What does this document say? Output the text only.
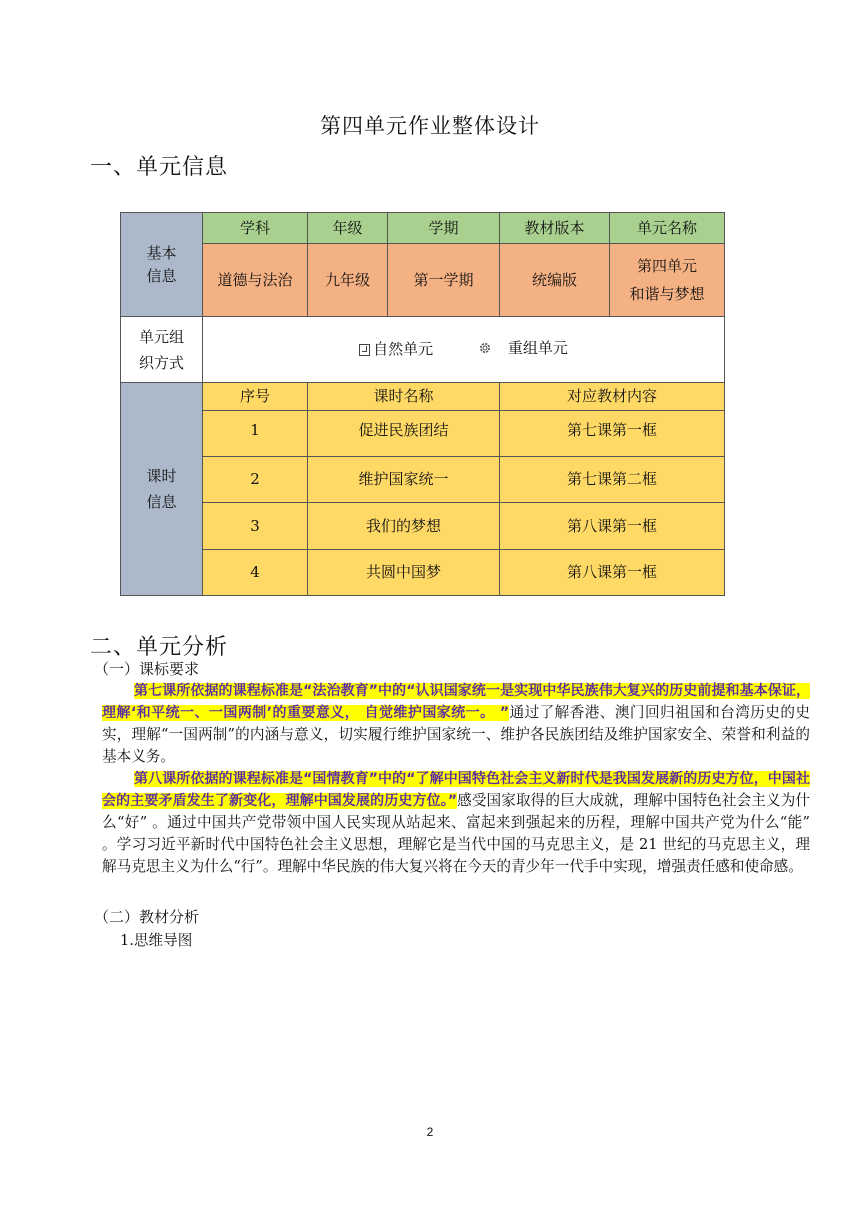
第四单元作业整体设计
一、单元信息
基本
信息	学科	年级	学期	教材版本	单元名称
	道德与法治	九年级	第一学期	统编版	第四单元
和谐与梦想
单元组
织方式	自然单元
重组单元				

课时
信息	序号	课时名称		对应教材内容	
	1	促进民族团结		第七课第一框	
	2	维护国家统一		第七课第二框	
	3	我们的梦想		第八课第一框	
	4	共圆中国梦		第八课第一框	
二、单元分析
（一）课标要求
第七课所依据的课程标准是“法治教育”中的“认识国家统一是实现中华民族伟大复兴的历史前提和基本保证，理解‘和平统一、一国两制’的重要意义， 自觉维护国家统一。 ”通过了解香港、澳门回归祖国和台湾历史的史实，理解“一国两制”的内涵与意义，切实履行维护国家统一、维护各民族团结及维护国家安全、荣誉和利益的基本义务。
第八课所依据的课程标准是“国情教育”中的“了解中国特色社会主义新时代是我国发展新的历史方位，中国社会的主要矛盾发生了新变化，理解中国发展的历史方位。”感受国家取得的巨大成就，理解中国特色社会主义为什么“好” 。通过中国共产党带领中国人民实现从站起来、富起来到强起来的历程，理解中国共产党为什么“能” 。学习习近平新时代中国特色社会主义思想，理解它是当代中国的马克思主义，是 21 世纪的马克思主义，理解马克思主义为什么“行”。理解中华民族的伟大复兴将在今天的青少年一代手中实现，增强责任感和使命感。
（二）教材分析
1.思维导图
2
